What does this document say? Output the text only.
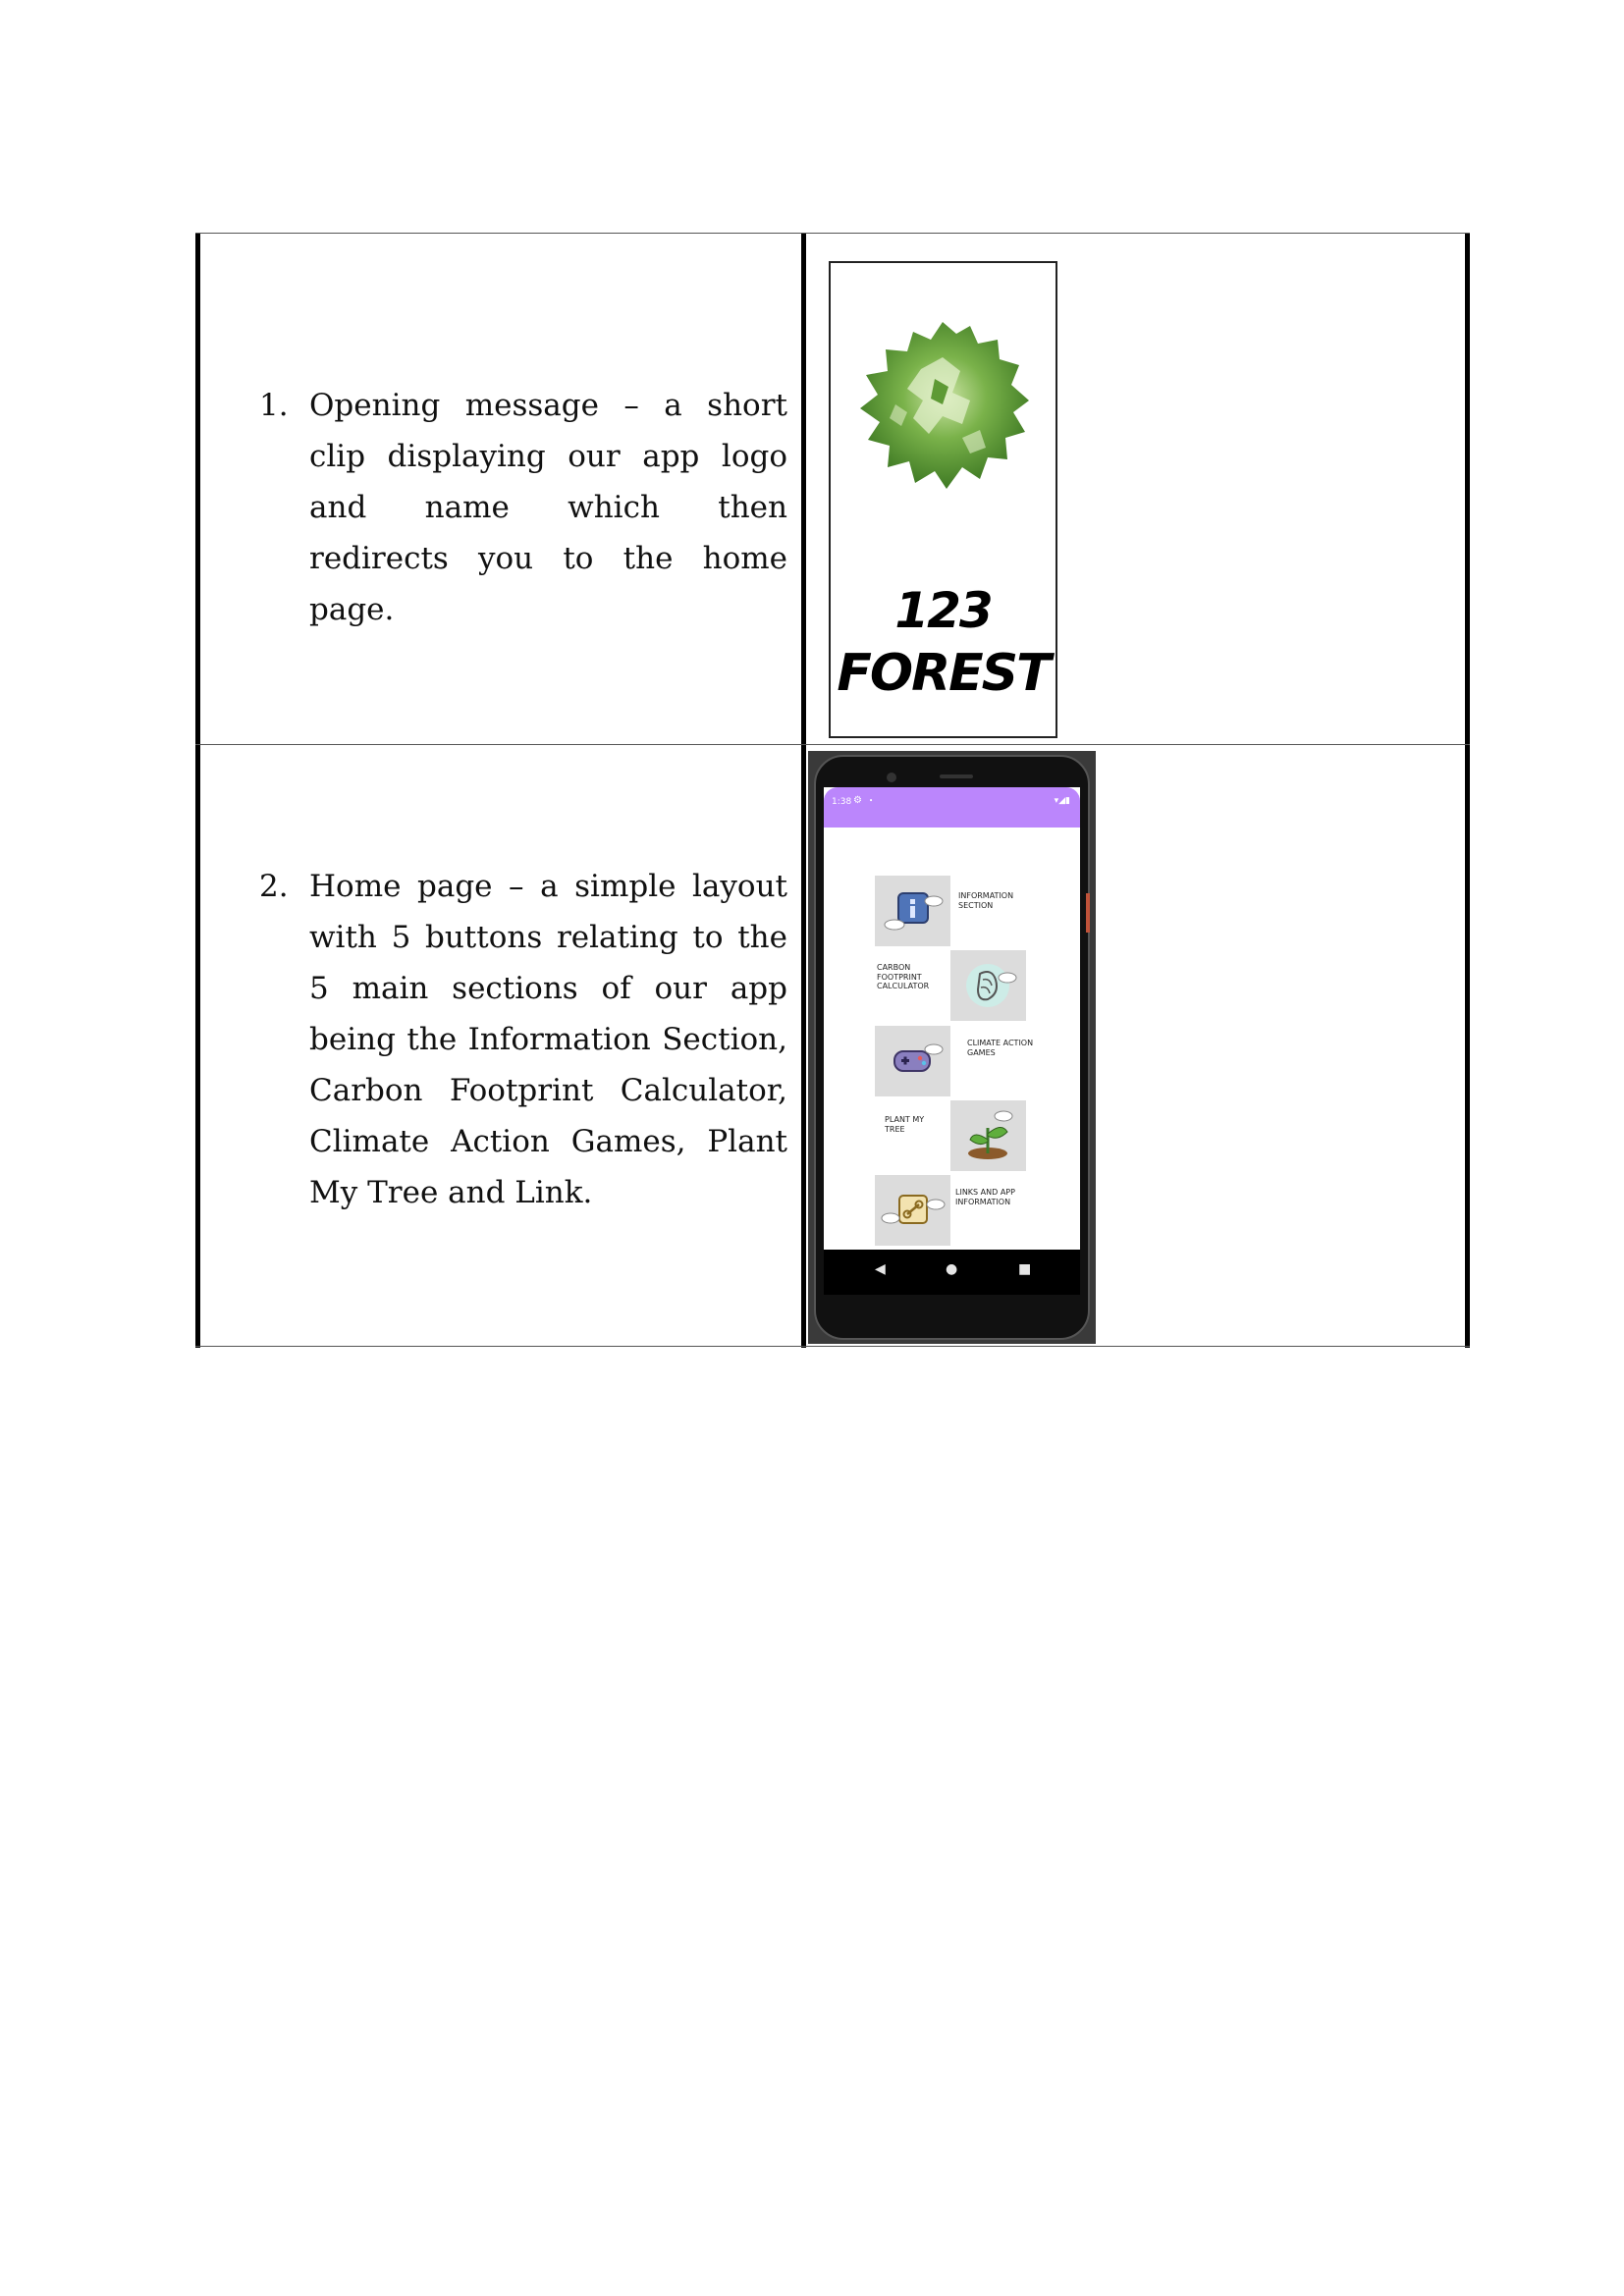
1. Opening message – a short clip displaying our app logo and name which then redirects you to the home page.
2. Home page – a simple layout with 5 buttons relating to the 5 main sections of our app being the Information Section, Carbon Footprint Calculator, Climate Action Games, Plant My Tree and Link.
123
FOREST
1:38 ⚙ •	▾◢▮
INFORMATION SECTION
CARBON FOOTPRINT CALCULATOR
CLIMATE ACTION GAMES
PLANT MY TREE
LINKS AND APP INFORMATION
◀	●	■
